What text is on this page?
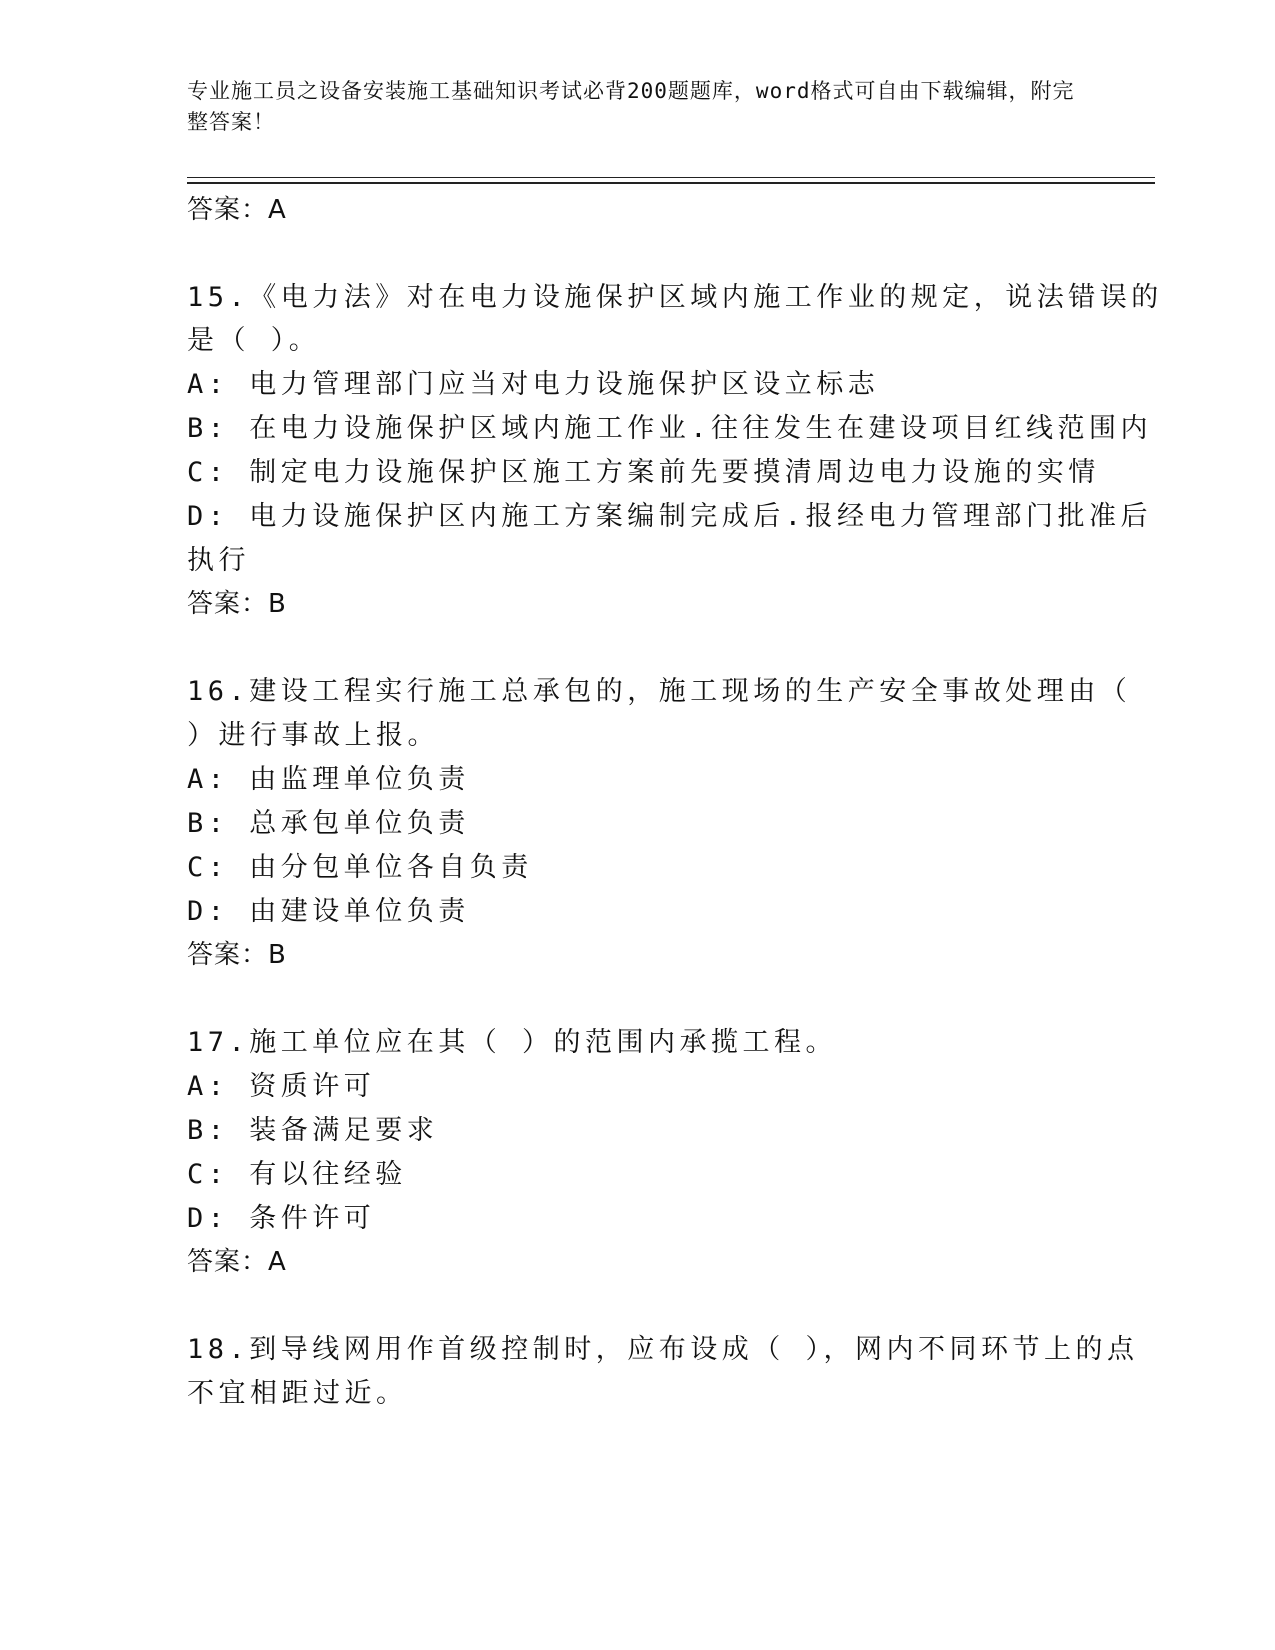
专业施工员之设备安装施工基础知识考试必背200题题库，word格式可自由下载编辑，附完整答案！
答案：A
15.《电力法》对在电力设施保护区域内施工作业的规定，说法错误的
是（ ）。
A: 电力管理部门应当对电力设施保护区设立标志
B: 在电力设施保护区域内施工作业.往往发生在建设项目红线范围内
C: 制定电力设施保护区施工方案前先要摸清周边电力设施的实情
D: 电力设施保护区内施工方案编制完成后.报经电力管理部门批准后
执行
答案：B
16.建设工程实行施工总承包的，施工现场的生产安全事故处理由（
）进行事故上报。
A: 由监理单位负责
B: 总承包单位负责
C: 由分包单位各自负责
D: 由建设单位负责
答案：B
17.施工单位应在其（ ）的范围内承揽工程。
A: 资质许可
B: 装备满足要求
C: 有以往经验
D: 条件许可
答案：A
18.到导线网用作首级控制时，应布设成（ ），网内不同环节上的点
不宜相距过近。
